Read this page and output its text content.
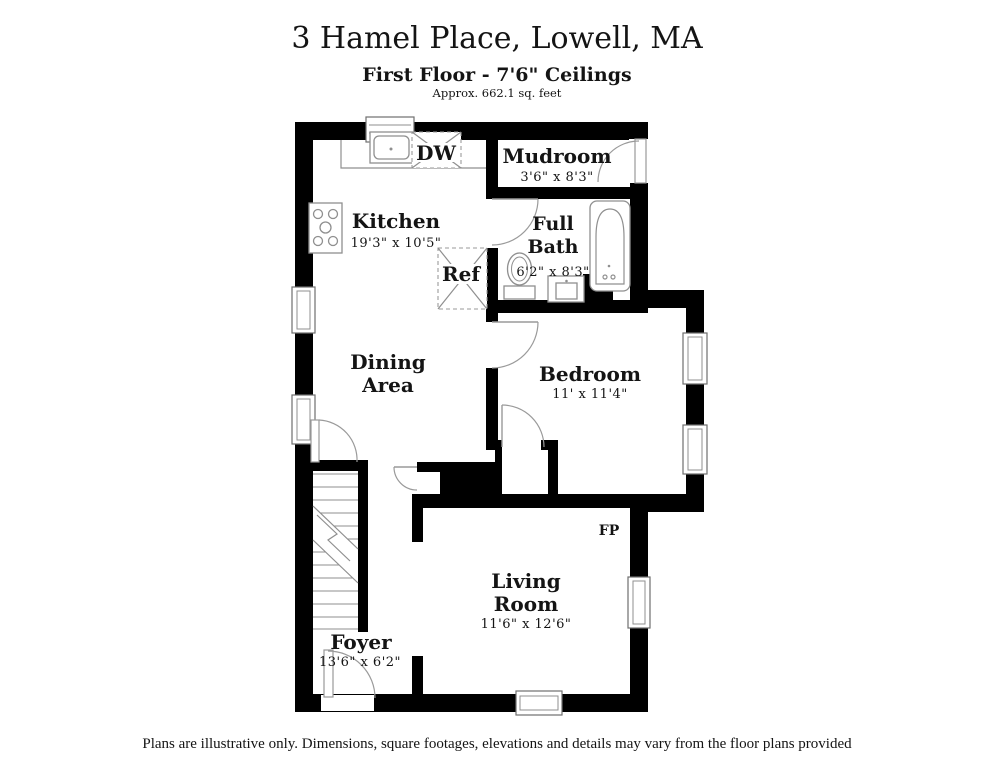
3 Hamel Place, Lowell, MA
First Floor - 7'6" Ceilings
Approx. 662.1 sq. feet
DW
Ref
Kitchen
19'3" x 10'5"
Mudroom
3'6" x 8'3"
Full
Bath
6'2" x 8'3"
Dining
Area	Bedroom
11' x 11'4"
Living
Room
11'6" x 12'6"
Foyer
13'6" x 6'2"
FP
Plans are illustrative only. Dimensions, square footages, elevations and details may vary from the floor plans provided
